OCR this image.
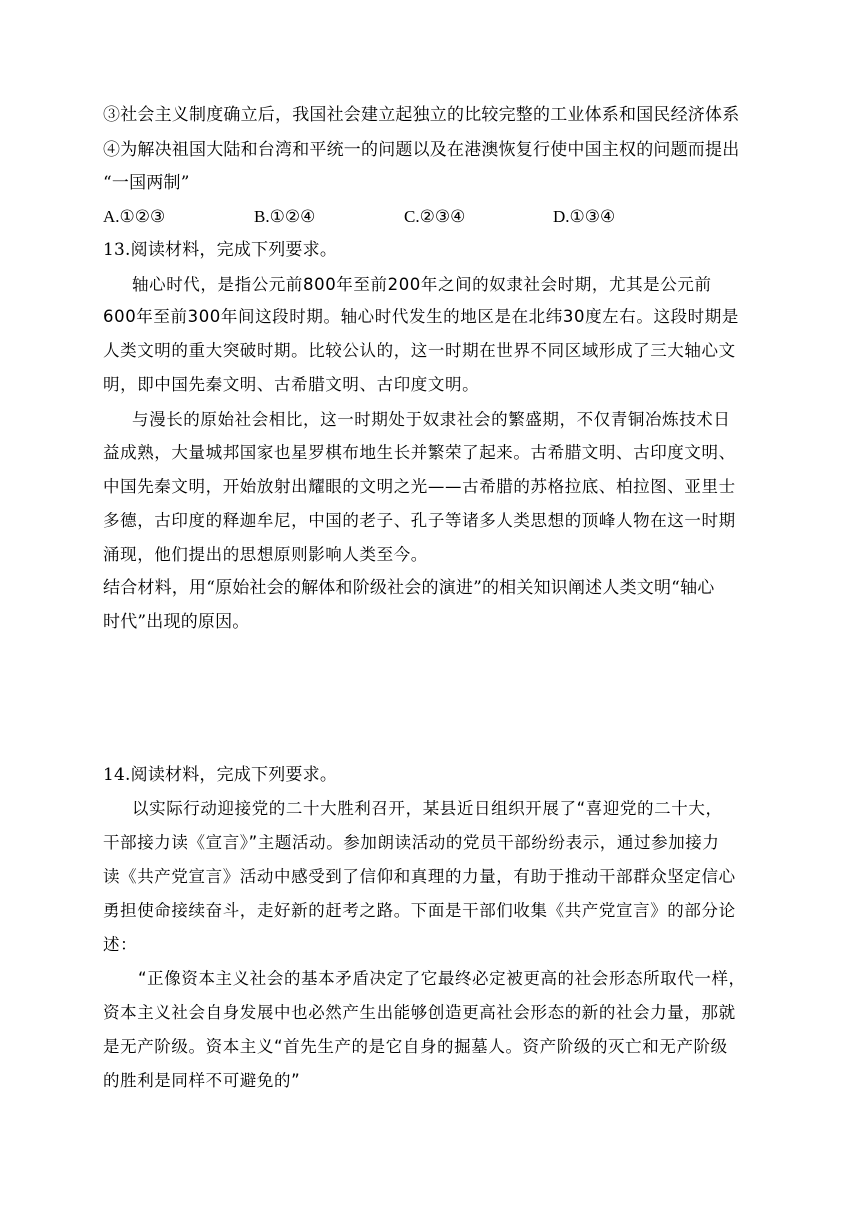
③社会主义制度确立后，我国社会建立起独立的比较完整的工业体系和国民经济体系
④为解决祖国大陆和台湾和平统一的问题以及在港澳恢复行使中国主权的问题而提出
“一国两制”
A.①②③	B.①②④	C.②③④	D.①③④
13.阅读材料，完成下列要求。
轴心时代，是指公元前800年至前200年之间的奴隶社会时期，尤其是公元前
600年至前300年间这段时期。轴心时代发生的地区是在北纬30度左右。这段时期是
人类文明的重大突破时期。比较公认的，这一时期在世界不同区域形成了三大轴心文
明，即中国先秦文明、古希腊文明、古印度文明。
与漫长的原始社会相比，这一时期处于奴隶社会的繁盛期，不仅青铜冶炼技术日
益成熟，大量城邦国家也星罗棋布地生长并繁荣了起来。古希腊文明、古印度文明、
中国先秦文明，开始放射出耀眼的文明之光——古希腊的苏格拉底、柏拉图、亚里士
多德，古印度的释迦牟尼，中国的老子、孔子等诸多人类思想的顶峰人物在这一时期
涌现，他们提出的思想原则影响人类至今。
结合材料，用“原始社会的解体和阶级社会的演进”的相关知识阐述人类文明“轴心
时代”出现的原因。
14.阅读材料，完成下列要求。
以实际行动迎接党的二十大胜利召开，某县近日组织开展了“喜迎党的二十大，
干部接力读《宣言》”主题活动。参加朗读活动的党员干部纷纷表示，通过参加接力
读《共产党宣言》活动中感受到了信仰和真理的力量，有助于推动干部群众坚定信心
勇担使命接续奋斗，走好新的赶考之路。下面是干部们收集《共产党宣言》的部分论
述：
“正像资本主义社会的基本矛盾决定了它最终必定被更高的社会形态所取代一样，
资本主义社会自身发展中也必然产生出能够创造更高社会形态的新的社会力量，那就
是无产阶级。资本主义“首先生产的是它自身的掘墓人。资产阶级的灭亡和无产阶级
的胜利是同样不可避免的”
